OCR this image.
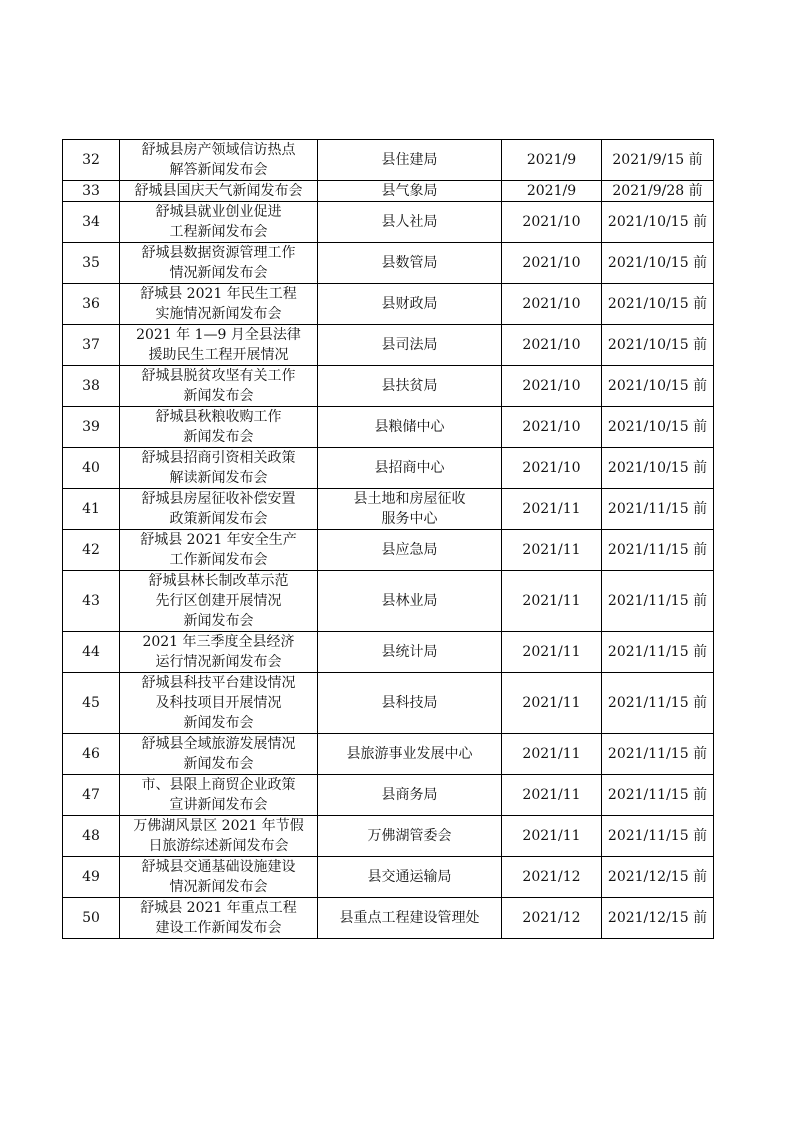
32	舒城县房产领域信访热点
解答新闻发布会	县住建局	2021/9	2021/9/15 前
33	舒城县国庆天气新闻发布会	县气象局	2021/9	2021/9/28 前
34	舒城县就业创业促进
工程新闻发布会	县人社局	2021/10	2021/10/15 前
35	舒城县数据资源管理工作
情况新闻发布会	县数管局	2021/10	2021/10/15 前
36	舒城县 2021 年民生工程
实施情况新闻发布会	县财政局	2021/10	2021/10/15 前
37	2021 年 1—9 月全县法律
援助民生工程开展情况	县司法局	2021/10	2021/10/15 前
38	舒城县脱贫攻坚有关工作
新闻发布会	县扶贫局	2021/10	2021/10/15 前
39	舒城县秋粮收购工作
新闻发布会	县粮储中心	2021/10	2021/10/15 前
40	舒城县招商引资相关政策
解读新闻发布会	县招商中心	2021/10	2021/10/15 前
41	舒城县房屋征收补偿安置
政策新闻发布会	县土地和房屋征收
服务中心	2021/11	2021/11/15 前
42	舒城县 2021 年安全生产
工作新闻发布会	县应急局	2021/11	2021/11/15 前
43	舒城县林长制改革示范
先行区创建开展情况
新闻发布会	县林业局	2021/11	2021/11/15 前
44	2021 年三季度全县经济
运行情况新闻发布会	县统计局	2021/11	2021/11/15 前
45	舒城县科技平台建设情况
及科技项目开展情况
新闻发布会	县科技局	2021/11	2021/11/15 前
46	舒城县全域旅游发展情况
新闻发布会	县旅游事业发展中心	2021/11	2021/11/15 前
47	市、县限上商贸企业政策
宣讲新闻发布会	县商务局	2021/11	2021/11/15 前
48	万佛湖风景区 2021 年节假
日旅游综述新闻发布会	万佛湖管委会	2021/11	2021/11/15 前
49	舒城县交通基础设施建设
情况新闻发布会	县交通运输局	2021/12	2021/12/15 前
50	舒城县 2021 年重点工程
建设工作新闻发布会	县重点工程建设管理处	2021/12	2021/12/15 前
